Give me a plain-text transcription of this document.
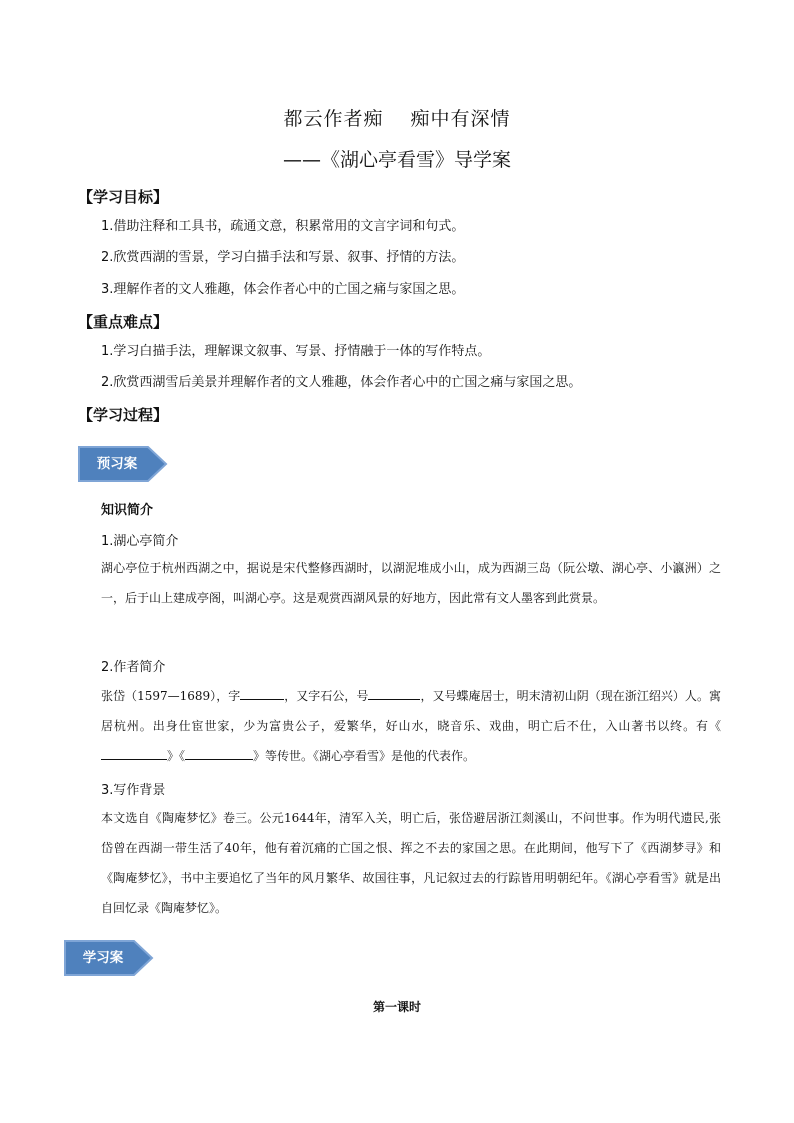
都云作者痴　 痴中有深情
——《湖心亭看雪》导学案
【学习目标】
1.借助注释和工具书，疏通文意，积累常用的文言字词和句式。
2.欣赏西湖的雪景，学习白描手法和写景、叙事、抒情的方法。
3.理解作者的文人雅趣，体会作者心中的亡国之痛与家国之思。
【重点难点】
1.学习白描手法，理解课文叙事、写景、抒情融于一体的写作特点。
2.欣赏西湖雪后美景并理解作者的文人雅趣，体会作者心中的亡国之痛与家国之思。
【学习过程】
预习案
知识简介
1.湖心亭简介
湖心亭位于杭州西湖之中，据说是宋代整修西湖时，以湖泥堆成小山，成为西湖三岛（阮公墩、湖心亭、小瀛洲）之一，后于山上建成亭阁，叫湖心亭。这是观赏西湖风景的好地方，因此常有文人墨客到此赏景。
2.作者简介
张岱（1597—1689），字	，又字石公，号	，又号蝶庵居士，明末清初山阴（现在浙江绍兴）人。寓居杭州。出身仕宦世家，少为富贵公子，爱繁华，好山水，晓音乐、戏曲，明亡后不仕，入山著书以终。有《》《	》等传世。《湖心亭看雪》是他的代表作。
3.写作背景
本文选自《陶庵梦忆》卷三。公元1644年，清军入关，明亡后，张岱避居浙江剡溪山，不问世事。作为明代遗民,张岱曾在西湖一带生活了40年，他有着沉痛的亡国之恨、挥之不去的家国之思。在此期间，他写下了《西湖梦寻》和《陶庵梦忆》，书中主要追忆了当年的风月繁华、故国往事，凡记叙过去的行踪皆用明朝纪年。《湖心亭看雪》就是出自回忆录《陶庵梦忆》。
学习案
第一课时
